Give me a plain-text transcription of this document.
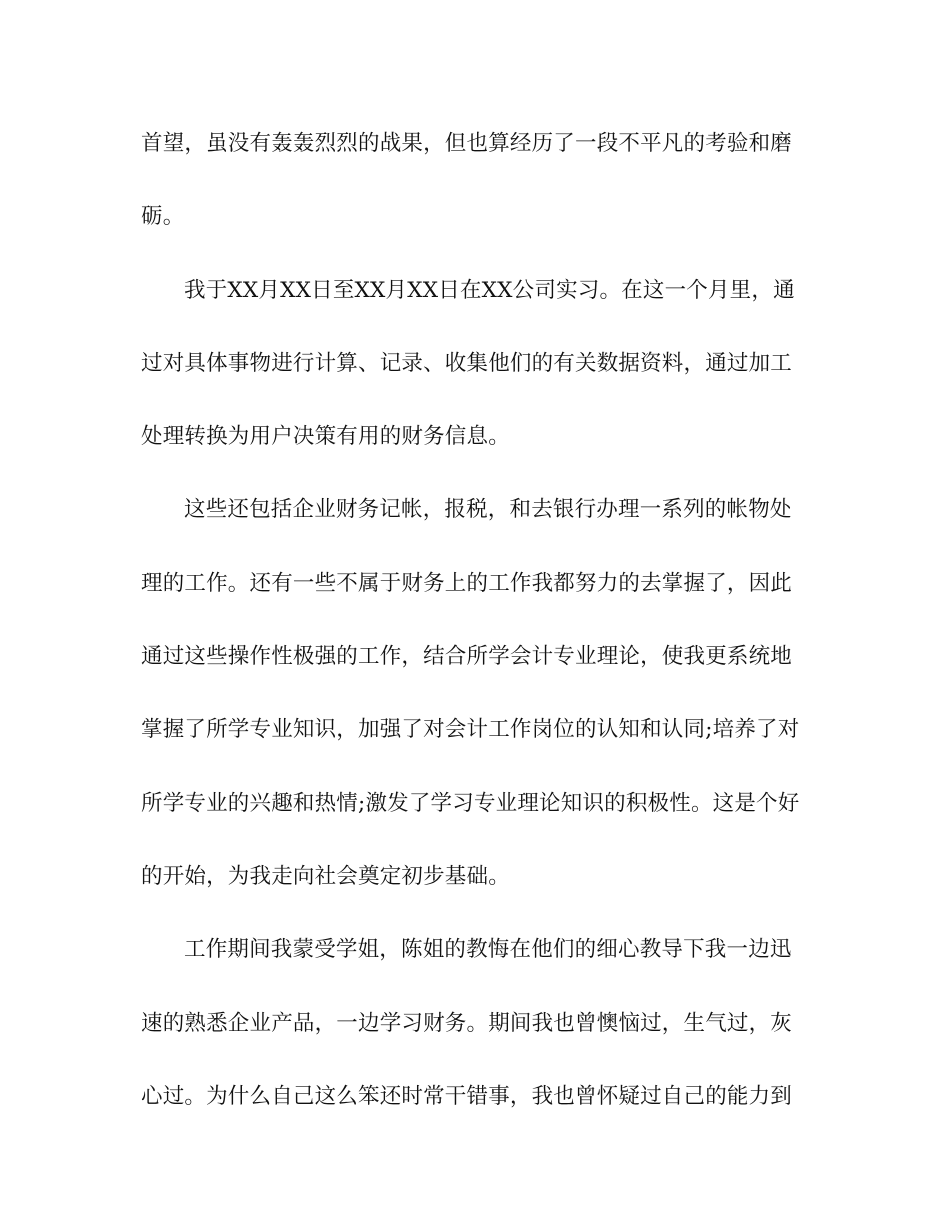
首望，虽没有轰轰烈烈的战果，但也算经历了一段不平凡的考验和磨
砺。
我于XX月XX日至XX月XX日在XX公司实习。在这一个月里，通
过对具体事物进行计算、记录、收集他们的有关数据资料，通过加工
处理转换为用户决策有用的财务信息。
这些还包括企业财务记帐，报税，和去银行办理一系列的帐物处
理的工作。还有一些不属于财务上的工作我都努力的去掌握了，因此
通过这些操作性极强的工作，结合所学会计专业理论，使我更系统地
掌握了所学专业知识，加强了对会计工作岗位的认知和认同;培养了对
所学专业的兴趣和热情;激发了学习专业理论知识的积极性。这是个好
的开始，为我走向社会奠定初步基础。
工作期间我蒙受学姐，陈姐的教悔在他们的细心教导下我一边迅
速的熟悉企业产品，一边学习财务。期间我也曾懊恼过，生气过，灰
心过。为什么自己这么笨还时常干错事，我也曾怀疑过自己的能力到
